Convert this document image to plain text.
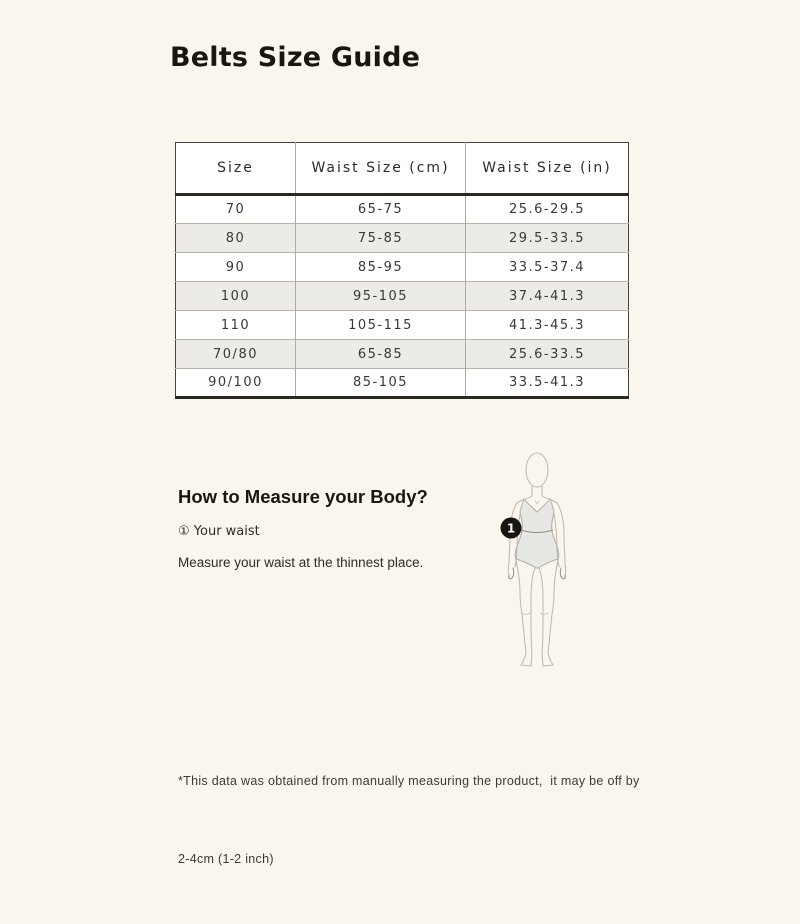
Belts Size Guide
Size	Waist Size (cm)	Waist Size (in)
70	65-75	25.6-29.5
80	75-85	29.5-33.5
90	85-95	33.5-37.4
100	95-105	37.4-41.3
110	105-115	41.3-45.3
70/80	65-85	25.6-33.5
90/100	85-105	33.5-41.3
How to Measure your Body?
① Your waist
Measure your waist at the thinnest place.
1

*This data was obtained from manually measuring the product,  it may be off by

2-4cm (1-2 inch)
